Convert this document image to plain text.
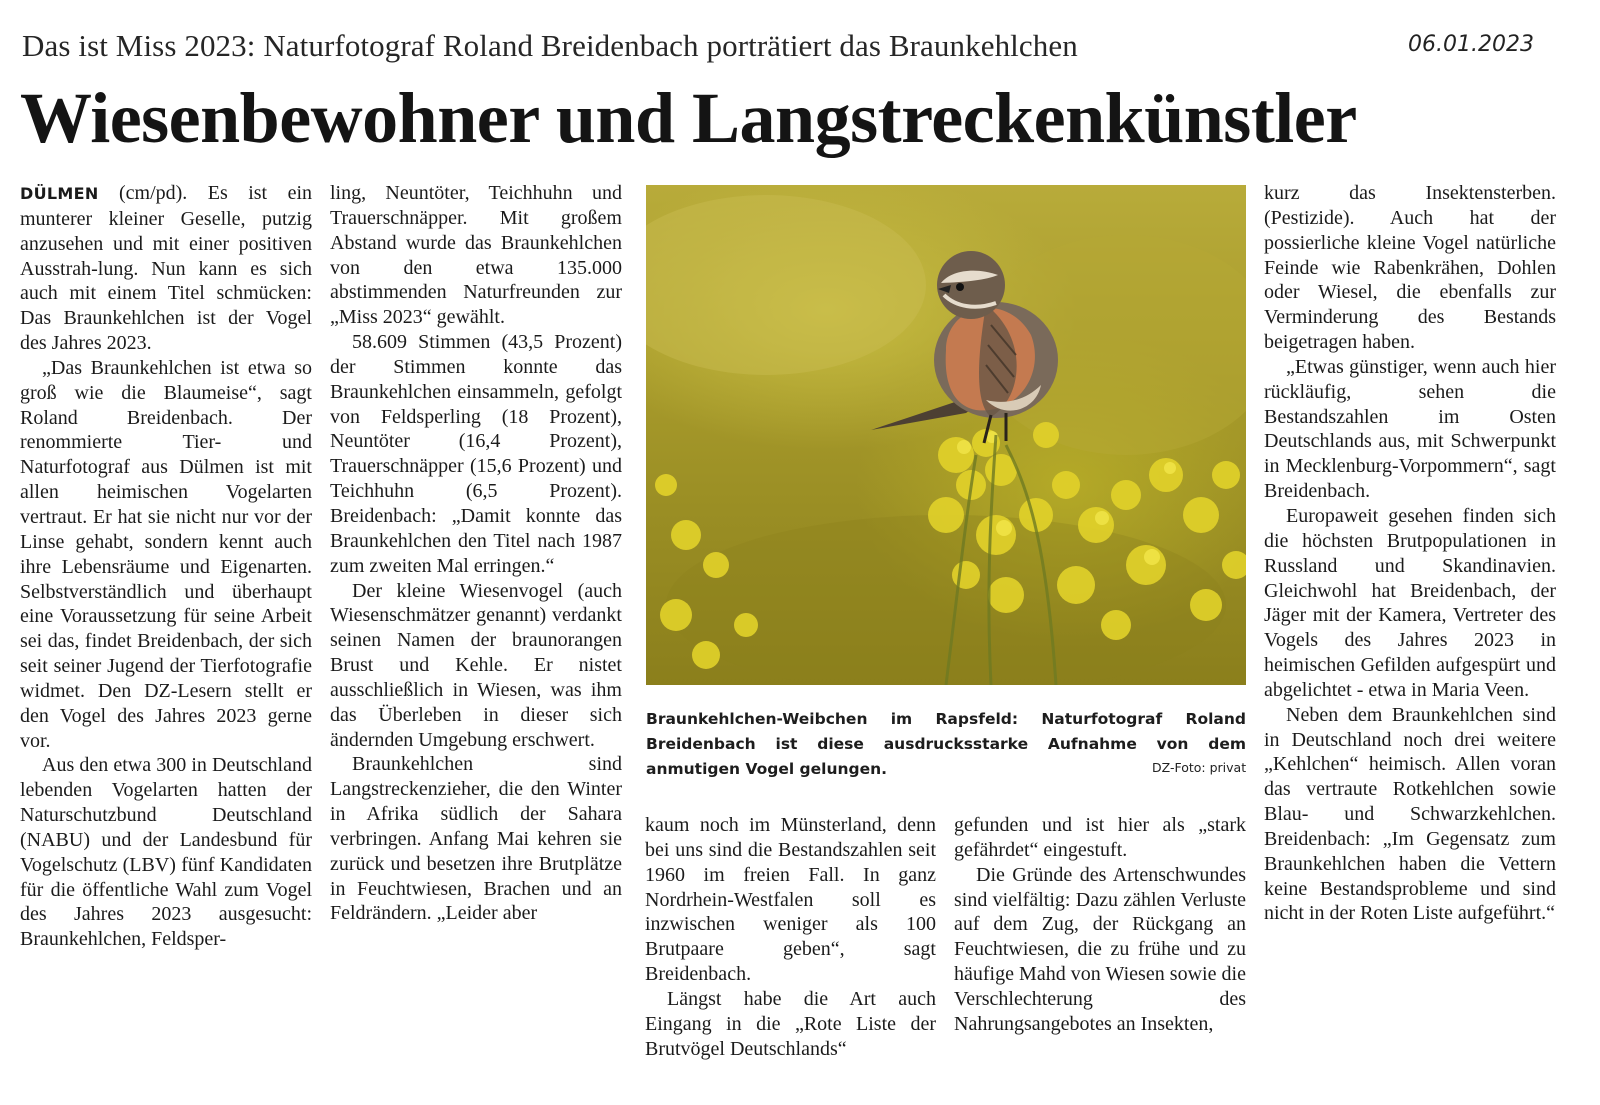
Das ist Miss 2023: Naturfotograf Roland Breidenbach porträtiert das Braunkehlchen	06.01.2023
Wiesenbewohner und Langstreckenkünstler

DÜLMEN (cm/pd). Es ist ein munterer kleiner Geselle, putzig anzusehen und mit einer positiven Ausstrah-lung. Nun kann es sich auch mit einem Titel schmücken: Das Braunkehlchen ist der Vogel des Jahres 2023.

„Das Braunkehlchen ist etwa so groß wie die Blaumeise“, sagt Roland Breidenbach. Der renommierte Tier- und Naturfotograf aus Dülmen ist mit allen heimischen Vogelarten vertraut. Er hat sie nicht nur vor der Linse gehabt, sondern kennt auch ihre Lebensräume und Eigenarten. Selbstverständlich und überhaupt eine Voraussetzung für seine Arbeit sei das, findet Breidenbach, der sich seit seiner Jugend der Tierfotografie widmet. Den DZ-Lesern stellt er den Vogel des Jahres 2023 gerne vor.

Aus den etwa 300 in Deutschland lebenden Vogelarten hatten der Naturschutzbund Deutschland (NABU) und der Landesbund für Vogelschutz (LBV) fünf Kandidaten für die öffentliche Wahl zum Vogel des Jahres 2023 ausgesucht: Braunkehlchen, Feldsper-

ling, Neuntöter, Teichhuhn und Trauerschnäpper. Mit großem Abstand wurde das Braunkehlchen von den etwa 135.000 abstimmenden Naturfreunden zur „Miss 2023“ gewählt.

58.609 Stimmen (43,5 Prozent) der Stimmen konnte das Braunkehlchen einsammeln, gefolgt von Feldsperling (18 Prozent), Neuntöter (16,4 Prozent), Trauerschnäpper (15,6 Prozent) und Teichhuhn (6,5 Prozent). Breidenbach: „Damit konnte das Braunkehlchen den Titel nach 1987 zum zweiten Mal erringen.“

Der kleine Wiesenvogel (auch Wiesenschmätzer genannt) verdankt seinen Namen der braunorangen Brust und Kehle. Er nistet ausschließlich in Wiesen, was ihm das Überleben in dieser sich ändernden Umgebung erschwert.

Braunkehlchen sind Langstreckenzieher, die den Winter in Afrika südlich der Sahara verbringen. Anfang Mai kehren sie zurück und besetzen ihre Brutplätze in Feuchtwiesen, Brachen und an Feldrändern. „Leider aber

Braunkehlchen-Weibchen im Rapsfeld: Naturfotograf Roland Breidenbach ist diese ausdrucksstarke Aufnahme von dem anmutigen Vogel gelungen.	DZ-Foto: privat

kaum noch im Münsterland, denn bei uns sind die Bestandszahlen seit 1960 im freien Fall. In ganz Nordrhein-Westfalen soll es inzwischen weniger als 100 Brutpaare geben“, sagt Breidenbach.

Längst habe die Art auch Eingang in die „Rote Liste der Brutvögel Deutschlands“

gefunden und ist hier als „stark gefährdet“ eingestuft.

Die Gründe des Artenschwundes sind vielfältig: Dazu zählen Verluste auf dem Zug, der Rückgang an Feuchtwiesen, die zu frühe und zu häufige Mahd von Wiesen sowie die Verschlechterung des Nahrungsangebotes an Insekten,

kurz das Insektensterben. (Pestizide). Auch hat der possierliche kleine Vogel natürliche Feinde wie Rabenkrähen, Dohlen oder Wiesel, die ebenfalls zur Verminderung des Bestands beigetragen haben.

„Etwas günstiger, wenn auch hier rückläufig, sehen die Bestandszahlen im Osten Deutschlands aus, mit Schwerpunkt in Mecklenburg-Vorpommern“, sagt Breidenbach.

Europaweit gesehen finden sich die höchsten Brutpopulationen in Russland und Skandinavien. Gleichwohl hat Breidenbach, der Jäger mit der Kamera, Vertreter des Vogels des Jahres 2023 in heimischen Gefilden aufgespürt und abgelichtet - etwa in Maria Veen.

Neben dem Braunkehlchen sind in Deutschland noch drei weitere „Kehlchen“ heimisch. Allen voran das vertraute Rotkehlchen sowie Blau- und Schwarzkehlchen. Breidenbach: „Im Gegensatz zum Braunkehlchen haben die Vettern keine Bestandsprobleme und sind nicht in der Roten Liste aufgeführt.“
